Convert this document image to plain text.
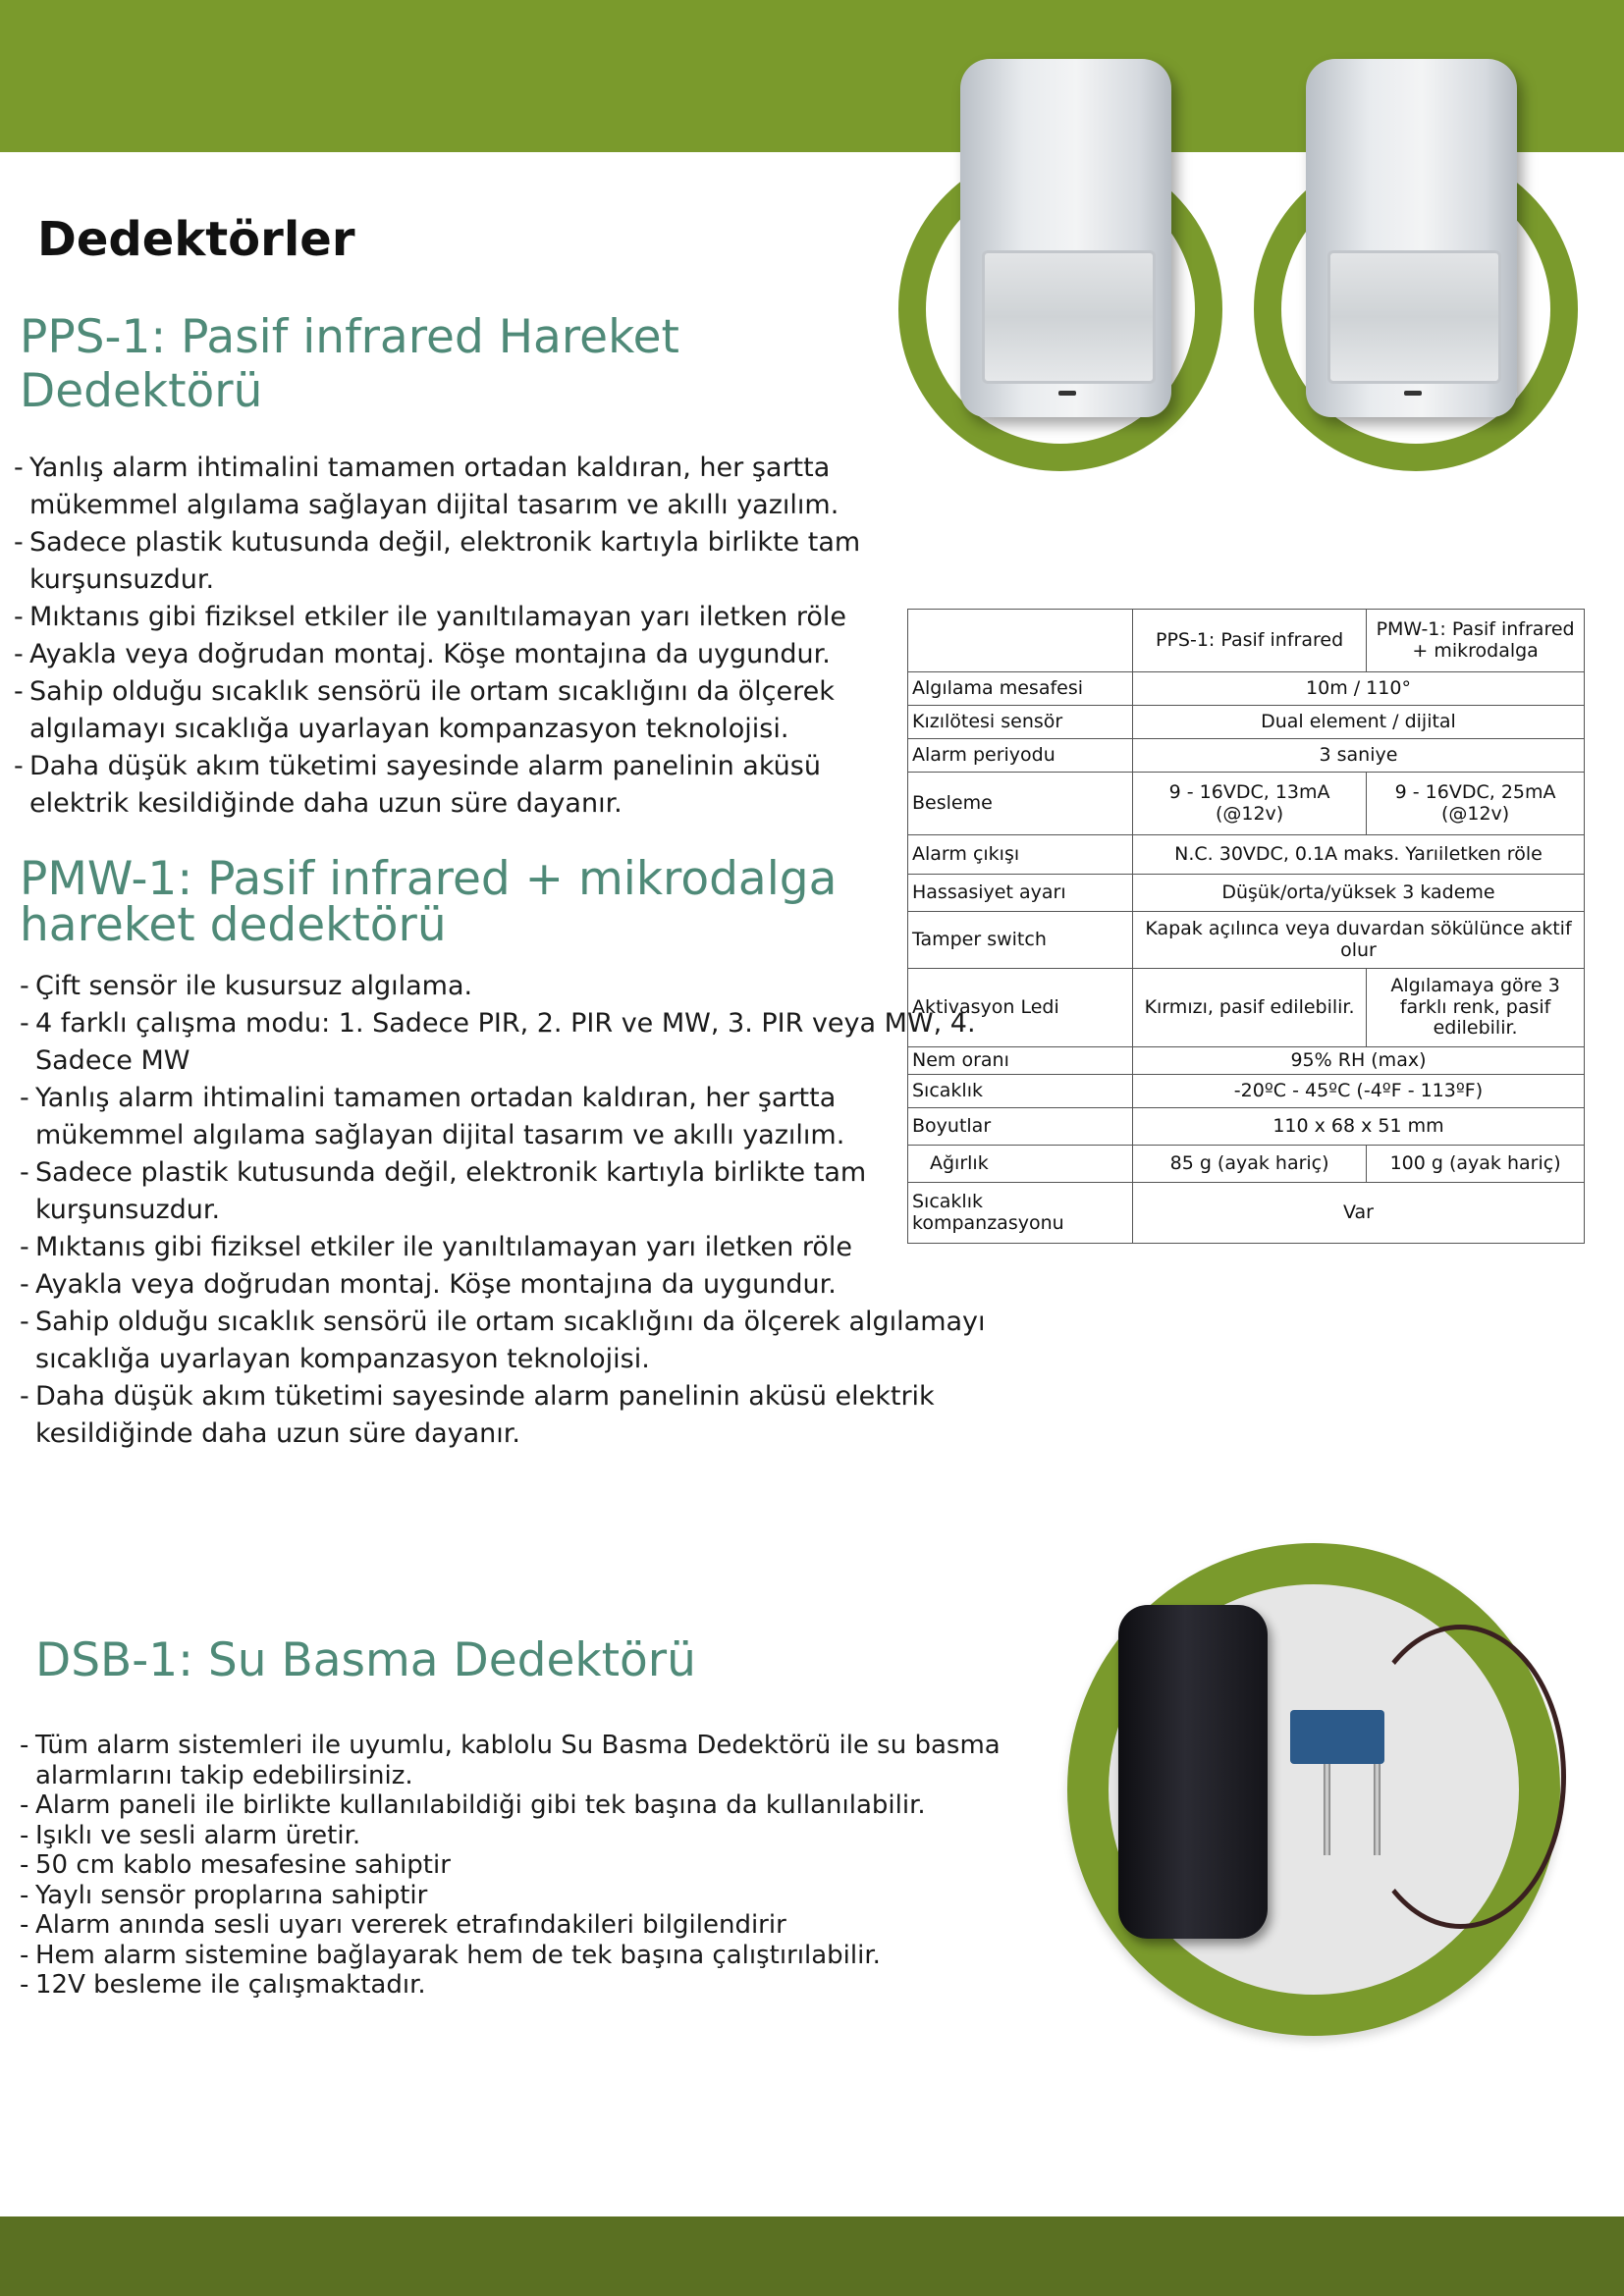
Dedektörler
PPS-1: Pasif infrared Hareket Dedektörü
- Yanlış alarm ihtimalini tamamen ortadan kaldıran, her şartta mükemmel algılama sağlayan dijital tasarım ve akıllı yazılım.
- Sadece plastik kutusunda değil, elektronik kartıyla birlikte tam kurşunsuzdur.
- Mıktanıs gibi fiziksel etkiler ile yanıltılamayan yarı iletken röle
- Ayakla veya doğrudan montaj. Köşe montajına da uygundur.
- Sahip olduğu sıcaklık sensörü ile ortam sıcaklığını da ölçerek algılamayı sıcaklığa uyarlayan kompanzasyon teknolojisi.
- Daha düşük akım tüketimi sayesinde alarm panelinin aküsü elektrik kesildiğinde daha uzun süre dayanır.
PMW-1: Pasif infrared + mikrodalga hareket dedektörü
- Çift sensör ile kusursuz algılama.
- 4 farklı çalışma modu: 1. Sadece PIR, 2. PIR ve MW, 3. PIR veya MW, 4. Sadece MW
- Yanlış alarm ihtimalini tamamen ortadan kaldıran, her şartta mükemmel algılama sağlayan dijital tasarım ve akıllı yazılım.
- Sadece plastik kutusunda değil, elektronik kartıyla birlikte tam kurşunsuzdur.
- Mıktanıs gibi fiziksel etkiler ile yanıltılamayan yarı iletken röle
- Ayakla veya doğrudan montaj. Köşe montajına da uygundur.
- Sahip olduğu sıcaklık sensörü ile ortam sıcaklığını da ölçerek algılamayı sıcaklığa uyarlayan kompanzasyon teknolojisi.
- Daha düşük akım tüketimi sayesinde alarm panelinin aküsü elektrik kesildiğinde daha uzun süre dayanır.
	PPS-1: Pasif infrared	PMW-1: Pasif infrared + mikrodalga
Algılama mesafesi	10m / 110°	
Kızılötesi sensör	Dual element / dijital	
Alarm periyodu	3 saniye	
Besleme	9 - 16VDC, 13mA (@12v)	9 - 16VDC, 25mA (@12v)
Alarm çıkışı	N.C. 30VDC, 0.1A maks. Yarıiletken röle	
Hassasiyet ayarı	Düşük/orta/yüksek 3 kademe	
Tamper switch	Kapak açılınca veya duvardan sökülünce aktif olur	
Aktivasyon Ledi	Kırmızı, pasif edilebilir.	Algılamaya göre 3 farklı renk, pasif edilebilir.
Nem oranı	95% RH (max)	
Sıcaklık	-20ºC - 45ºC (-4ºF - 113ºF)	
Boyutlar	110 x 68 x 51 mm	
Ağırlık	85 g (ayak hariç)	100 g (ayak hariç)
Sıcaklık kompanzasyonu	Var	
DSB-1: Su Basma Dedektörü
- Tüm alarm sistemleri ile uyumlu, kablolu Su Basma Dedektörü ile su basma alarmlarını takip edebilirsiniz.
- Alarm paneli ile birlikte kullanılabildiği gibi tek başına da kullanılabilir.
- Işıklı ve sesli alarm üretir.
- 50 cm kablo mesafesine sahiptir
- Yaylı sensör proplarına sahiptir
- Alarm anında sesli uyarı vererek etrafındakileri bilgilendirir
- Hem alarm sistemine bağlayarak hem de tek başına çalıştırılabilir.
- 12V besleme ile çalışmaktadır.
